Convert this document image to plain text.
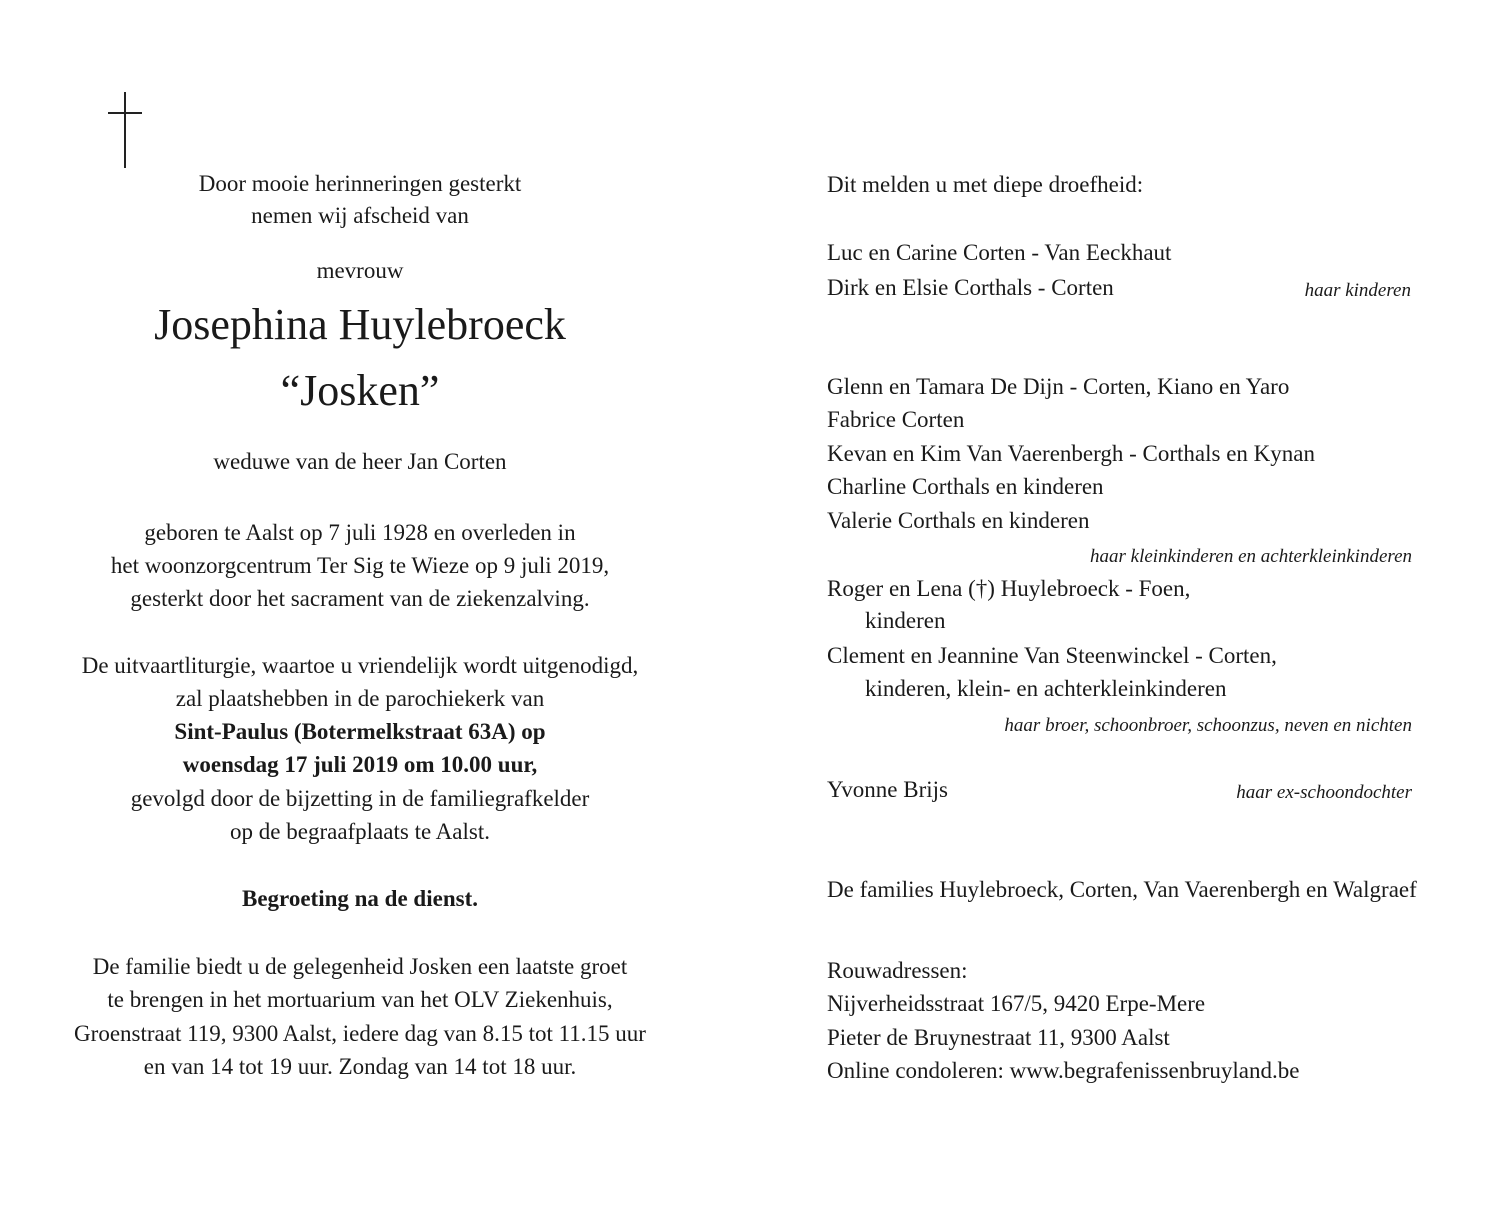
Door mooie herinneringen gesterkt
nemen wij afscheid van
mevrouw
Josephina Huylebroeck
“Josken”
weduwe van de heer Jan Corten
geboren te Aalst op 7 juli 1928 en overleden in
het woonzorgcentrum Ter Sig te Wieze op 9 juli 2019,
gesterkt door het sacrament van de ziekenzalving.
De uitvaartliturgie, waartoe u vriendelijk wordt uitgenodigd,
zal plaatshebben in de parochiekerk van
Sint-Paulus (Botermelkstraat 63A) op
woensdag 17 juli 2019 om 10.00 uur,
gevolgd door de bijzetting in de familiegrafkelder
op de begraafplaats te Aalst.
Begroeting na de dienst.
De familie biedt u de gelegenheid Josken een laatste groet
te brengen in het mortuarium van het OLV Ziekenhuis,
Groenstraat 119, 9300 Aalst, iedere dag van 8.15 tot 11.15 uur
en van 14 tot 19 uur. Zondag van 14 tot 18 uur.
Dit melden u met diepe droefheid:
Luc en Carine Corten - Van Eeckhaut
Dirk en Elsie Corthals - Corten	haar kinderen
Glenn en Tamara De Dijn - Corten, Kiano en Yaro
Fabrice Corten
Kevan en Kim Van Vaerenbergh - Corthals en Kynan
Charline Corthals en kinderen
Valerie Corthals en kinderen
haar kleinkinderen en achterkleinkinderen
Roger en Lena (†) Huylebroeck - Foen,
kinderen
Clement en Jeannine Van Steenwinckel - Corten,
kinderen, klein- en achterkleinkinderen
haar broer, schoonbroer, schoonzus, neven en nichten
Yvonne Brijs	haar ex-schoondochter
De families Huylebroeck, Corten, Van Vaerenbergh en Walgraef
Rouwadressen:
Nijverheidsstraat 167/5, 9420 Erpe-Mere
Pieter de Bruynestraat 11, 9300 Aalst
Online condoleren: www.begrafenissenbruyland.be
